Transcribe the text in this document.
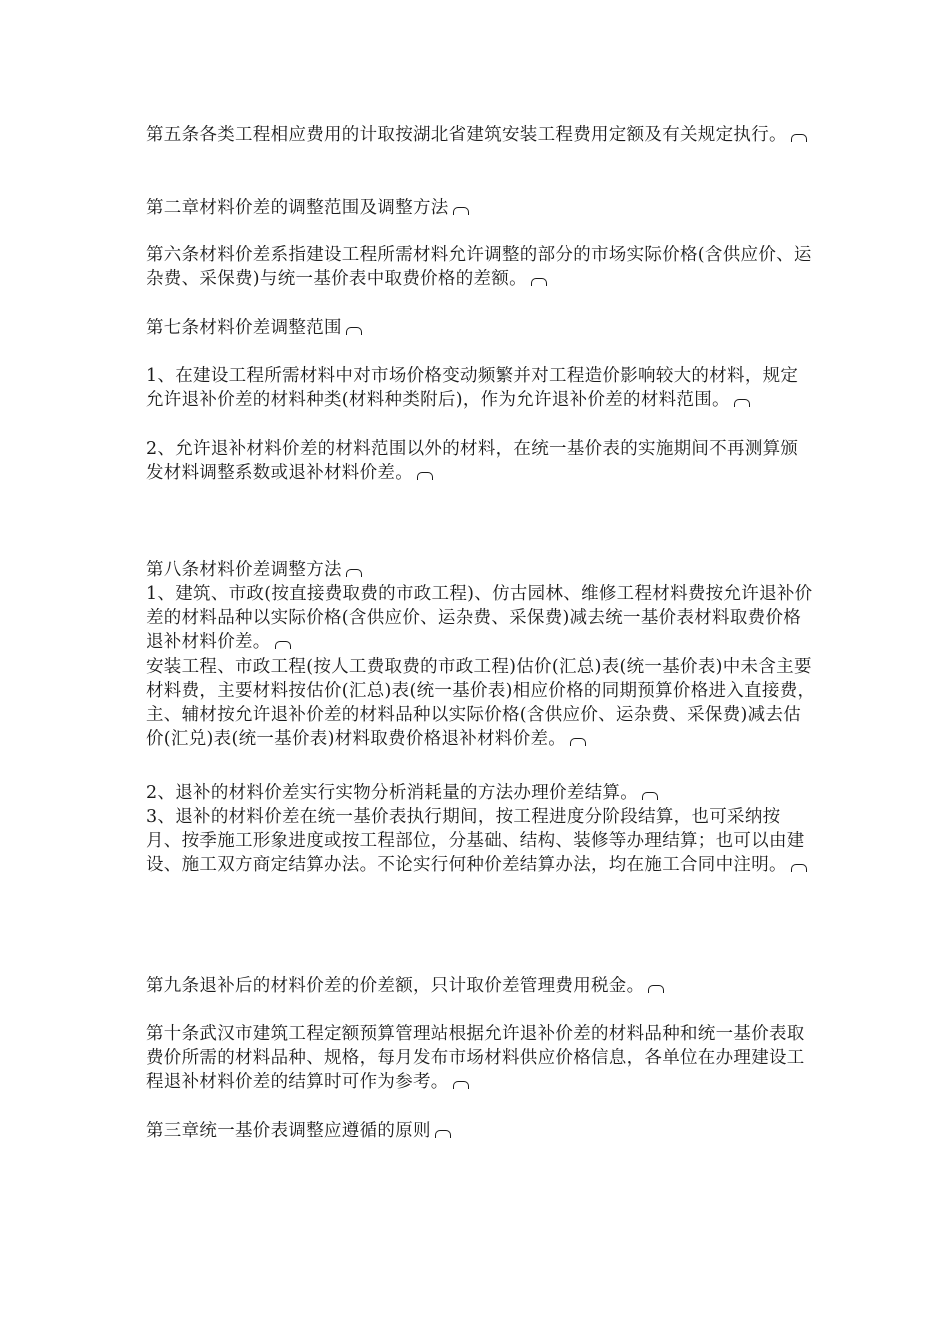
第五条各类工程相应费用的计取按湖北省建筑安装工程费用定额及有关规定执行。

第二章材料价差的调整范围及调整方法

第六条材料价差系指建设工程所需材料允许调整的部分的市场实际价格(含供应价、运杂费、采保费)与统一基价表中取费价格的差额。

第七条材料价差调整范围

1、在建设工程所需材料中对市场价格变动频繁并对工程造价影响较大的材料，规定允许退补价差的材料种类(材料种类附后)，作为允许退补价差的材料范围。

2、允许退补材料价差的材料范围以外的材料，在统一基价表的实施期间不再测算颁发材料调整系数或退补材料价差。

第八条材料价差调整方法

1、建筑、市政(按直接费取费的市政工程)、仿古园林、维修工程材料费按允许退补价差的材料品种以实际价格(含供应价、运杂费、采保费)减去统一基价表材料取费价格退补材料价差。

安装工程、市政工程(按人工费取费的市政工程)估价(汇总)表(统一基价表)中未含主要材料费，主要材料按估价(汇总)表(统一基价表)相应价格的同期预算价格进入直接费，主、辅材按允许退补价差的材料品种以实际价格(含供应价、运杂费、采保费)减去估价(汇兑)表(统一基价表)材料取费价格退补材料价差。

2、退补的材料价差实行实物分析消耗量的方法办理价差结算。

3、退补的材料价差在统一基价表执行期间，按工程进度分阶段结算，也可采纳按月、按季施工形象进度或按工程部位，分基础、结构、装修等办理结算；也可以由建设、施工双方商定结算办法。不论实行何种价差结算办法，均在施工合同中注明。

第九条退补后的材料价差的价差额，只计取价差管理费用税金。

第十条武汉市建筑工程定额预算管理站根据允许退补价差的材料品种和统一基价表取费价所需的材料品种、规格，每月发布市场材料供应价格信息，各单位在办理建设工程退补材料价差的结算时可作为参考。

第三章统一基价表调整应遵循的原则
